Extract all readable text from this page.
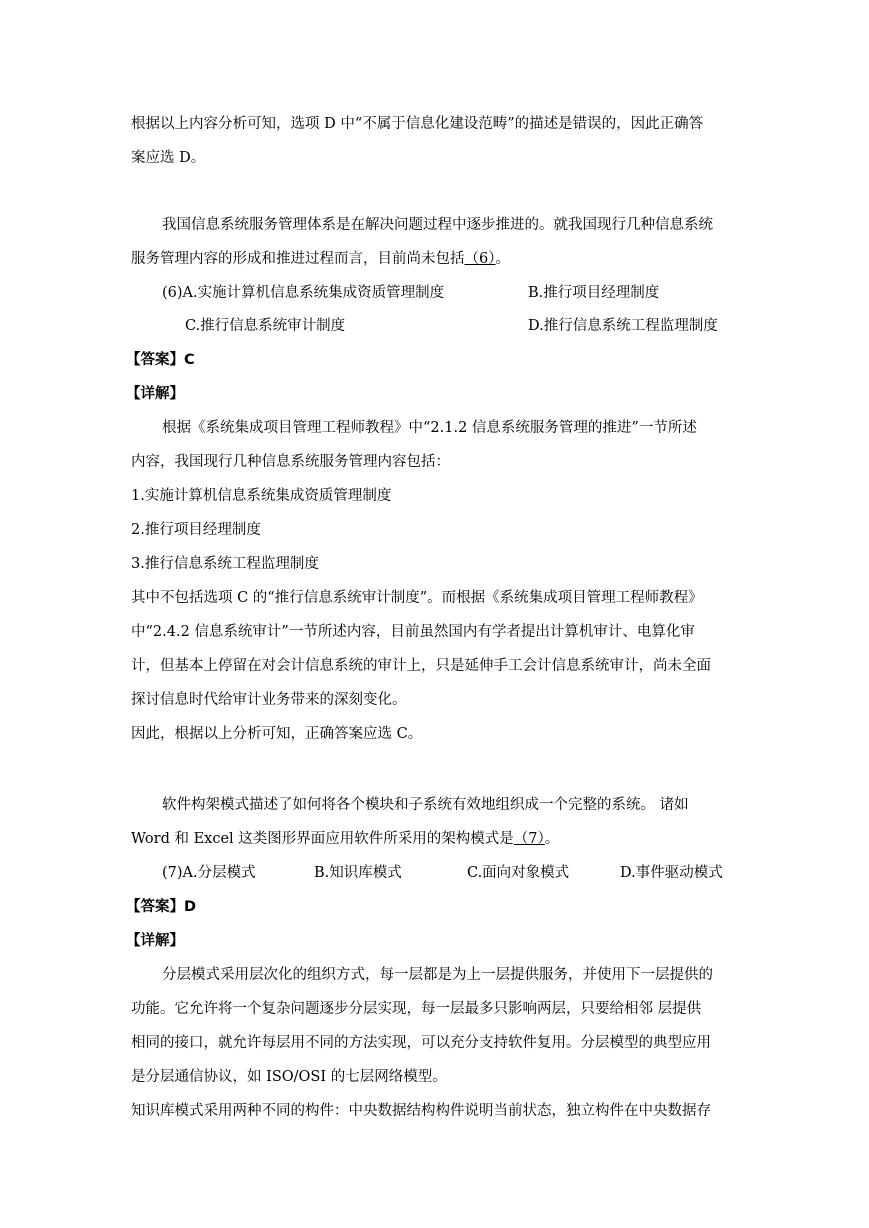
根据以上内容分析可知，选项 D 中“不属于信息化建设范畴”的描述是错误的，因此正确答
案应选 D。
我国信息系统服务管理体系是在解决问题过程中逐步推进的。就我国现行几种信息系统
服务管理内容的形成和推进过程而言，目前尚未包括（6）。
(6)A.实施计算机信息系统集成资质管理制度	B.推行项目经理制度
C.推行信息系统审计制度	D.推行信息系统工程监理制度
【答案】C
【详解】
根据《系统集成项目管理工程师教程》中“2.1.2 信息系统服务管理的推进”一节所述
内容，我国现行几种信息系统服务管理内容包括：
1.实施计算机信息系统集成资质管理制度
2.推行项目经理制度
3.推行信息系统工程监理制度
其中不包括选项 C 的“推行信息系统审计制度”。而根据《系统集成项目管理工程师教程》
中“2.4.2 信息系统审计”一节所述内容，目前虽然国内有学者提出计算机审计、电算化审
计，但基本上停留在对会计信息系统的审计上，只是延伸手工会计信息系统审计，尚未全面
探讨信息时代给审计业务带来的深刻变化。
因此，根据以上分析可知，正确答案应选 C。
软件构架模式描述了如何将各个模块和子系统有效地组织成一个完整的系统。 诸如
Word 和 Excel 这类图形界面应用软件所采用的架构模式是（7）。
(7)A.分层模式	B.知识库模式	C.面向对象模式	D.事件驱动模式
【答案】D
【详解】
分层模式采用层次化的组织方式，每一层都是为上一层提供服务，并使用下一层提供的
功能。它允许将一个复杂问题逐步分层实现，每一层最多只影响两层，只要给相邻 层提供
相同的接口，就允许每层用不同的方法实现，可以充分支持软件复用。分层模型的典型应用
是分层通信协议，如 ISO/OSI 的七层网络模型。
知识库模式采用两种不同的构件：中央数据结构构件说明当前状态，独立构件在中央数据存
